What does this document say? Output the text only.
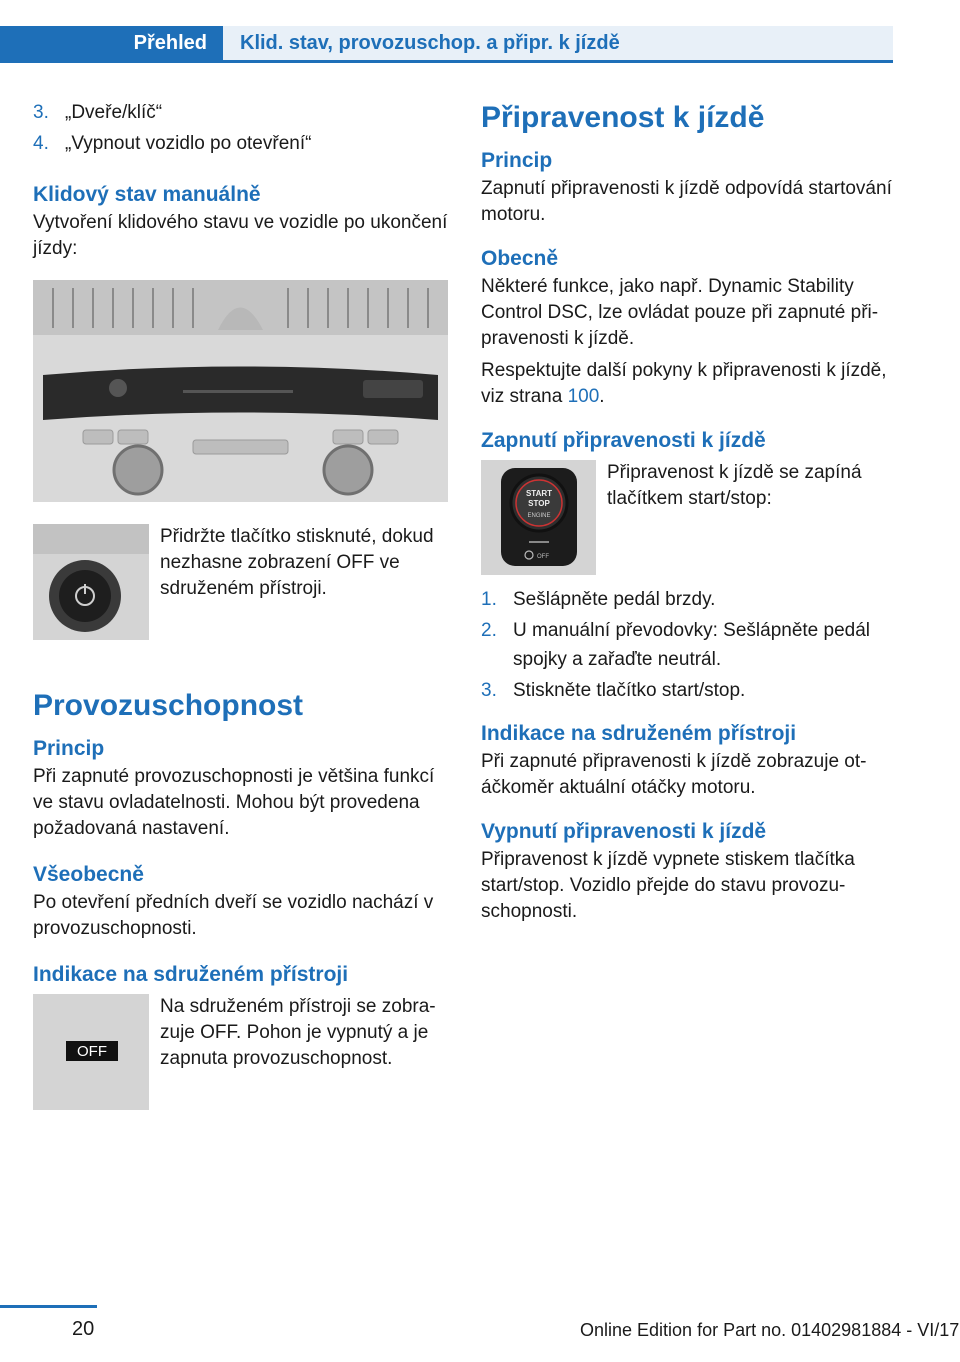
Přehled	Klid. stav, provozuschop. a připr. k jízdě
3. „Dveře/klíč“
4. „Vypnout vozidlo po otevření“
Klidový stav manuálně

Vytvoření klidového stavu ve vozidle po ukončení jízdy:

Přidržte tlačítko stisknuté, dokud nezhasne zobrazení OFF ve sdruženém přístroji.
Provozuschopnost
Princip

Při zapnuté provozuschopnosti je většina funkcí ve stavu ovladatelnosti. Mohou být provedena požadovaná nastavení.

Všeobecně

Po otevření předních dveří se vozidlo nachází v provozuschopnosti.

Indikace na sdruženém přístroji
OFF
Na sdruženém přístroji se zobrazuje OFF. Pohon je vypnutý a je zapnuta provozuschopnost.
Připravenost k jízdě
Princip

Zapnutí připravenosti k jízdě odpovídá startování motoru.

Obecně

Některé funkce, jako např. Dynamic Stability Control DSC, lze ovládat pouze při zapnuté připravenosti k jízdě.

Respektujte další pokyny k připravenosti k jízdě, viz strana 100.

Zapnutí připravenosti k jízdě
START
STOP
ENGINE
OFF
Připravenost k jízdě se zapíná tlačítkem start/stop:
1. Sešlápněte pedál brzdy.
2. U manuální převodovky: Sešlápněte pedál spojky a zařaďte neutrál.
3. Stiskněte tlačítko start/stop.
Indikace na sdruženém přístroji

Při zapnuté připravenosti k jízdě zobrazuje otáčkoměr aktuální otáčky motoru.

Vypnutí připravenosti k jízdě

Připravenost k jízdě vypnete stiskem tlačítka start/stop. Vozidlo přejde do stavu provozuschopnosti.

20	Online Edition for Part no. 01402981884 - VI/17
